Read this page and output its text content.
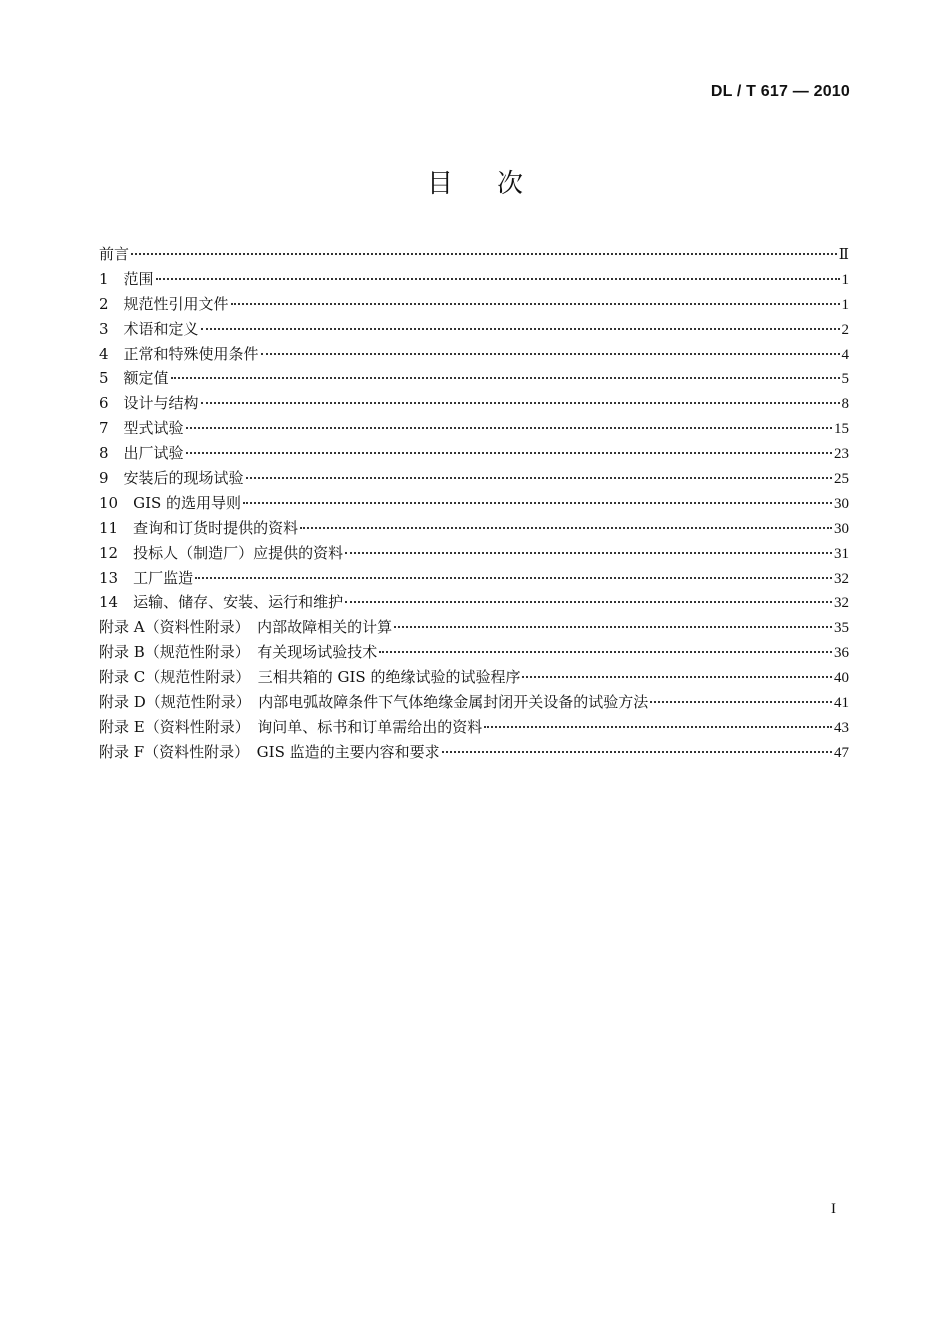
DL / T 617 — 2010
目次
前言	Ⅱ
1　范围	1
2　规范性引用文件	1
3　术语和定义	2
4　正常和特殊使用条件	4
5　额定值	5
6　设计与结构	8
7　型式试验	15
8　出厂试验	23
9　安装后的现场试验	25
10　GIS 的选用导则	30
11　查询和订货时提供的资料	30
12　投标人（制造厂）应提供的资料	31
13　工厂监造	32
14　运输、储存、安装、运行和维护	32
附录 A（资料性附录）　内部故障相关的计算	35
附录 B（规范性附录）　有关现场试验技术	36
附录 C（规范性附录）　三相共箱的 GIS 的绝缘试验的试验程序	40
附录 D（规范性附录）　内部电弧故障条件下气体绝缘金属封闭开关设备的试验方法	41
附录 E（资料性附录）　询问单、标书和订单需给出的资料	43
附录 F（资料性附录）　GIS 监造的主要内容和要求	47
I
